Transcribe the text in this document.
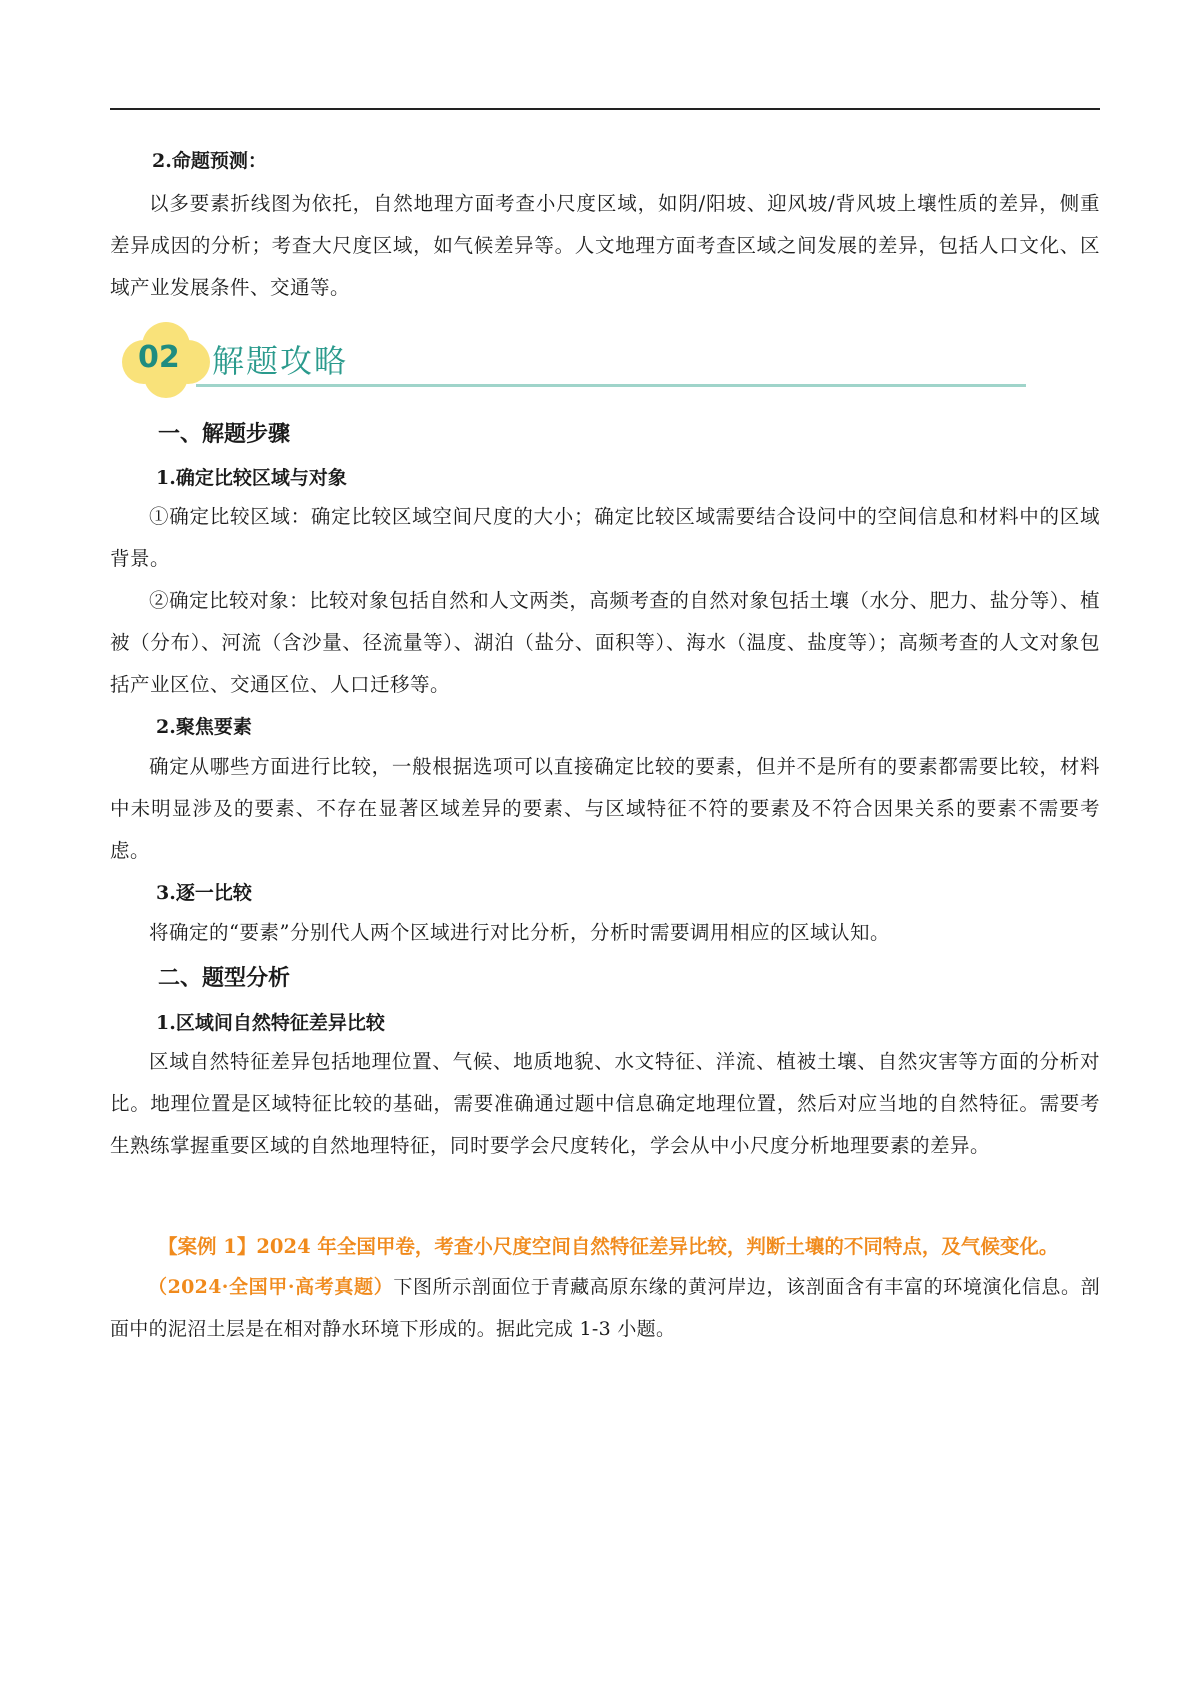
2.命题预测：
以多要素折线图为依托，自然地理方面考查小尺度区域，如阴/阳坡、迎风坡/背风坡上壤性质的差异，侧重差异成因的分析；考查大尺度区域，如气候差异等。人文地理方面考查区域之间发展的差异，包括人口文化、区域产业发展条件、交通等。
02 解题攻略
一、解题步骤
1.确定比较区域与对象
①确定比较区域：确定比较区域空间尺度的大小；确定比较区域需要结合设问中的空间信息和材料中的区域背景。
②确定比较对象：比较对象包括自然和人文两类，高频考查的自然对象包括土壤（水分、肥力、盐分等）、植被（分布）、河流（含沙量、径流量等）、湖泊（盐分、面积等）、海水（温度、盐度等）；高频考查的人文对象包括产业区位、交通区位、人口迁移等。
2.聚焦要素
确定从哪些方面进行比较，一般根据选项可以直接确定比较的要素，但并不是所有的要素都需要比较，材料中未明显涉及的要素、不存在显著区域差异的要素、与区域特征不符的要素及不符合因果关系的要素不需要考虑。
3.逐一比较
将确定的“要素”分别代人两个区域进行对比分析，分析时需要调用相应的区域认知。
二、题型分析
1.区域间自然特征差异比较
区域自然特征差异包括地理位置、气候、地质地貌、水文特征、洋流、植被土壤、自然灾害等方面的分析对比。地理位置是区域特征比较的基础，需要准确通过题中信息确定地理位置，然后对应当地的自然特征。需要考生熟练掌握重要区域的自然地理特征，同时要学会尺度转化，学会从中小尺度分析地理要素的差异。
【案例 1】2024 年全国甲卷，考查小尺度空间自然特征差异比较，判断土壤的不同特点，及气候变化。
（2024·全国甲·高考真题）下图所示剖面位于青藏高原东缘的黄河岸边，该剖面含有丰富的环境演化信息。剖面中的泥沼土层是在相对静水环境下形成的。据此完成 1-3 小题。
